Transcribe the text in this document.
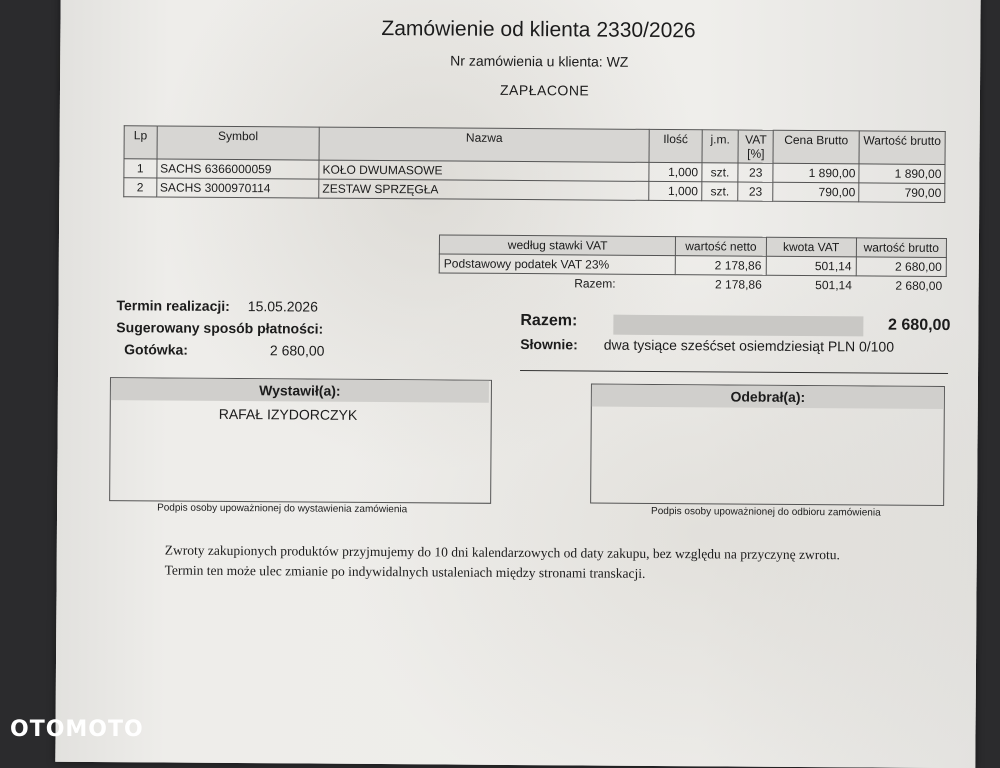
Zamówienie od klienta 2330/2026
Nr zamówienia u klienta: WZ
ZAPŁACONE
Lp	Symbol	Nazwa	Ilość	j.m.	VAT [%]	Cena Brutto	Wartość brutto
1	SACHS 6366000059	KOŁO DWUMASOWE	1,000	szt.	23	1 890,00	1 890,00
2	SACHS 3000970114	ZESTAW SPRZĘGŁA	1,000	szt.	23	790,00	790,00
według stawki VAT	wartość netto	kwota VAT	wartość brutto
Podstawowy podatek VAT 23%	2 178,86	501,14	2 680,00
Razem:	2 178,86	501,14	2 680,00
Termin realizacji: 15.05.2026
Sugerowany sposób płatności:
Gotówka:	2 680,00
Razem:	2 680,00
Słownie: dwa tysiące sześćset osiemdziesiąt PLN 0/100
Wystawił(a):
RAFAŁ IZYDORCZYK
Odebrał(a):
Podpis osoby upoważnionej do wystawienia zamówienia	Podpis osoby upoważnionej do odbioru zamówienia
Zwroty zakupionych produktów przyjmujemy do 10 dni kalendarzowych od daty zakupu, bez względu na przyczynę zwrotu.
Termin ten może ulec zmianie po indywidalnych ustaleniach między stronami transkacji.
OTOMOTO
